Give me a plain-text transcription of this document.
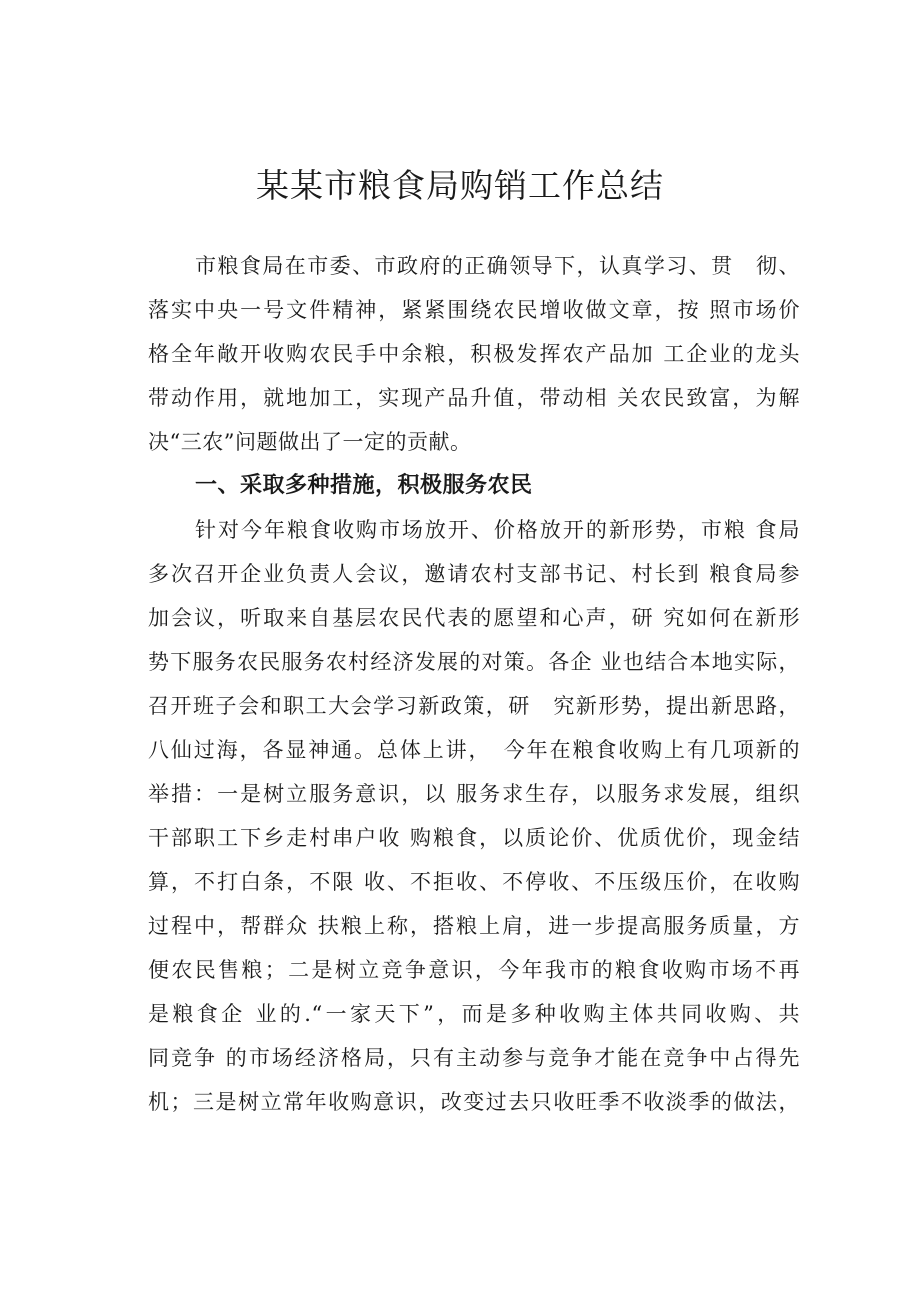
某某市粮食局购销工作总结
市粮食局在市委、市政府的正确领导下，认真学习、贯　彻、
落实中央一号文件精神，紧紧围绕农民增收做文章，按 照市场价
格全年敞开收购农民手中余粮，积极发挥农产品加 工企业的龙头
带动作用，就地加工，实现产品升值，带动相 关农民致富，为解
决“三农”问题做出了一定的贡献。
一、采取多种措施，积极服务农民
针对今年粮食收购市场放开、价格放开的新形势，市粮 食局
多次召开企业负责人会议，邀请农村支部书记、村长到 粮食局参
加会议，听取来自基层农民代表的愿望和心声，研 究如何在新形
势下服务农民服务农村经济发展的对策。各企 业也结合本地实际，
召开班子会和职工大会学习新政策，研　究新形势，提出新思路，
八仙过海，各显神通。总体上讲，　今年在粮食收购上有几项新的
举措：一是树立服务意识，以 服务求生存，以服务求发展，组织
干部职工下乡走村串户收 购粮食，以质论价、优质优价，现金结
算，不打白条，不限 收、不拒收、不停收、不压级压价，在收购
过程中，帮群众 扶粮上称，搭粮上肩，进一步提高服务质量，方
便农民售粮；二是树立竞争意识，今年我市的粮食收购市场不再
是粮食企 业的.“一家天下”，而是多种收购主体共同收购、共
同竞争 的市场经济格局，只有主动参与竞争才能在竞争中占得先
机；三是树立常年收购意识，改变过去只收旺季不收淡季的做法，
